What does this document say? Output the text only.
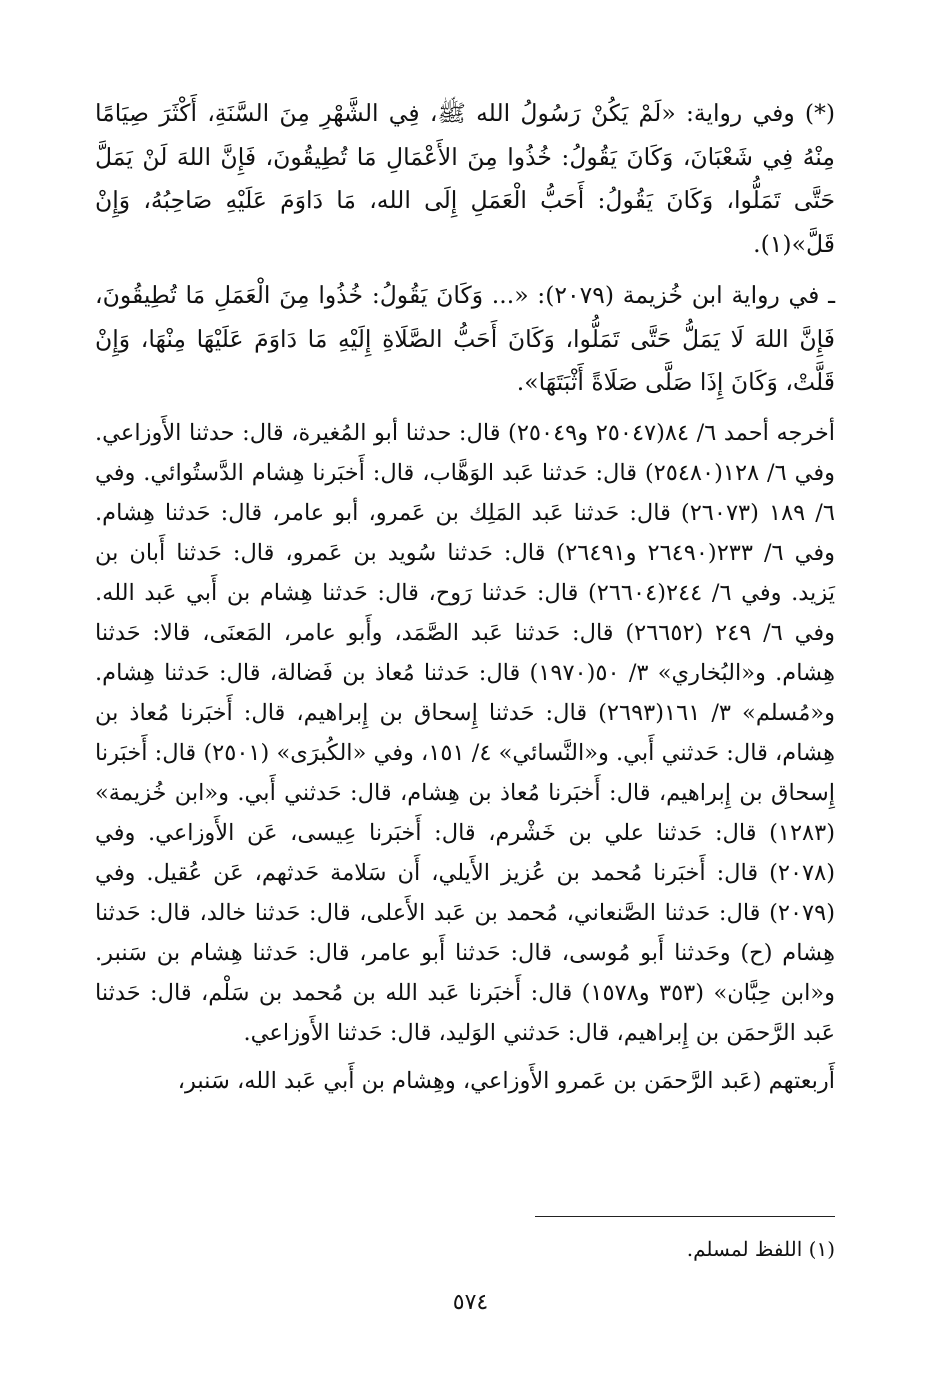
(*) وفي رواية: «لَمْ يَكُنْ رَسُولُ الله ﷺ، فِي الشَّهْرِ مِنَ السَّنَةِ، أَكْثَرَ صِيَامًا مِنْهُ فِي شَعْبَانَ، وَكَانَ يَقُولُ: خُذُوا مِنَ الأَعْمَالِ مَا تُطِيقُونَ، فَإِنَّ اللهَ لَنْ يَمَلَّ حَتَّى تَمَلُّوا، وَكَانَ يَقُولُ: أَحَبُّ الْعَمَلِ إِلَى الله، مَا دَاوَمَ عَلَيْهِ صَاحِبُهُ، وَإِنْ قَلَّ»(١).

ـ في رواية ابن خُزيمة (٢٠٧٩): «... وَكَانَ يَقُولُ: خُذُوا مِنَ الْعَمَلِ مَا تُطِيقُونَ، فَإِنَّ اللهَ لَا يَمَلُّ حَتَّى تَمَلُّوا، وَكَانَ أَحَبُّ الصَّلَاةِ إِلَيْهِ مَا دَاوَمَ عَلَيْهَا مِنْهَا، وَإِنْ قَلَّتْ، وَكَانَ إِذَا صَلَّى صَلَاةً أَثْبَتَهَا».

أخرجه أحمد ٦/ ٨٤(٢٥٠٤٧ و٢٥٠٤٩) قال: حدثنا أبو المُغيرة، قال: حدثنا الأَوزاعي. وفي ٦/ ١٢٨(٢٥٤٨٠) قال: حَدثنا عَبد الوَهَّاب، قال: أَخبَرنا هِشام الدَّستُوائي. وفي ٦/ ١٨٩ (٢٦٠٧٣) قال: حَدثنا عَبد المَلِك بن عَمرو، أبو عامر، قال: حَدثنا هِشام. وفي ٦/ ٢٣٣(٢٦٤٩٠ و٢٦٤٩١) قال: حَدثنا سُويد بن عَمرو، قال: حَدثنا أَبان بن يَزيد. وفي ٦/ ٢٤٤(٢٦٦٠٤) قال: حَدثنا رَوح، قال: حَدثنا هِشام بن أَبي عَبد الله. وفي ٦/ ٢٤٩ (٢٦٦٥٢) قال: حَدثنا عَبد الصَّمَد، وأَبو عامر، المَعنَى، قالا: حَدثنا هِشام. و«البُخاري» ٣/ ٥٠(١٩٧٠) قال: حَدثنا مُعاذ بن فَضالة، قال: حَدثنا هِشام. و«مُسلم» ٣/ ١٦١(٢٦٩٣) قال: حَدثنا إِسحاق بن إِبراهيم، قال: أَخبَرنا مُعاذ بن هِشام، قال: حَدثني أَبي. و«النَّسائي» ٤/ ١٥١، وفي «الكُبرَى» (٢٥٠١) قال: أَخبَرنا إِسحاق بن إِبراهيم، قال: أَخبَرنا مُعاذ بن هِشام، قال: حَدثني أَبي. و«ابن خُزيمة» (١٢٨٣) قال: حَدثنا علي بن خَشْرم، قال: أَخبَرنا عِيسى، عَن الأَوزاعي. وفي (٢٠٧٨) قال: أَخبَرنا مُحمد بن عُزيز الأَيلي، أَن سَلامة حَدثهم، عَن عُقيل. وفي (٢٠٧٩) قال: حَدثنا الصَّنعاني، مُحمد بن عَبد الأَعلى، قال: حَدثنا خالد، قال: حَدثنا هِشام (ح) وحَدثنا أَبو مُوسى، قال: حَدثنا أَبو عامر، قال: حَدثنا هِشام بن سَنبر. و«ابن حِبَّان» (٣٥٣ و١٥٧٨) قال: أَخبَرنا عَبد الله بن مُحمد بن سَلْم، قال: حَدثنا عَبد الرَّحمَن بن إِبراهيم، قال: حَدثني الوَليد، قال: حَدثنا الأَوزاعي.

أَربعتهم (عَبد الرَّحمَن بن عَمرو الأَوزاعي، وهِشام بن أَبي عَبد الله، سَنبر،

(١) اللفظ لمسلم.
٥٧٤
